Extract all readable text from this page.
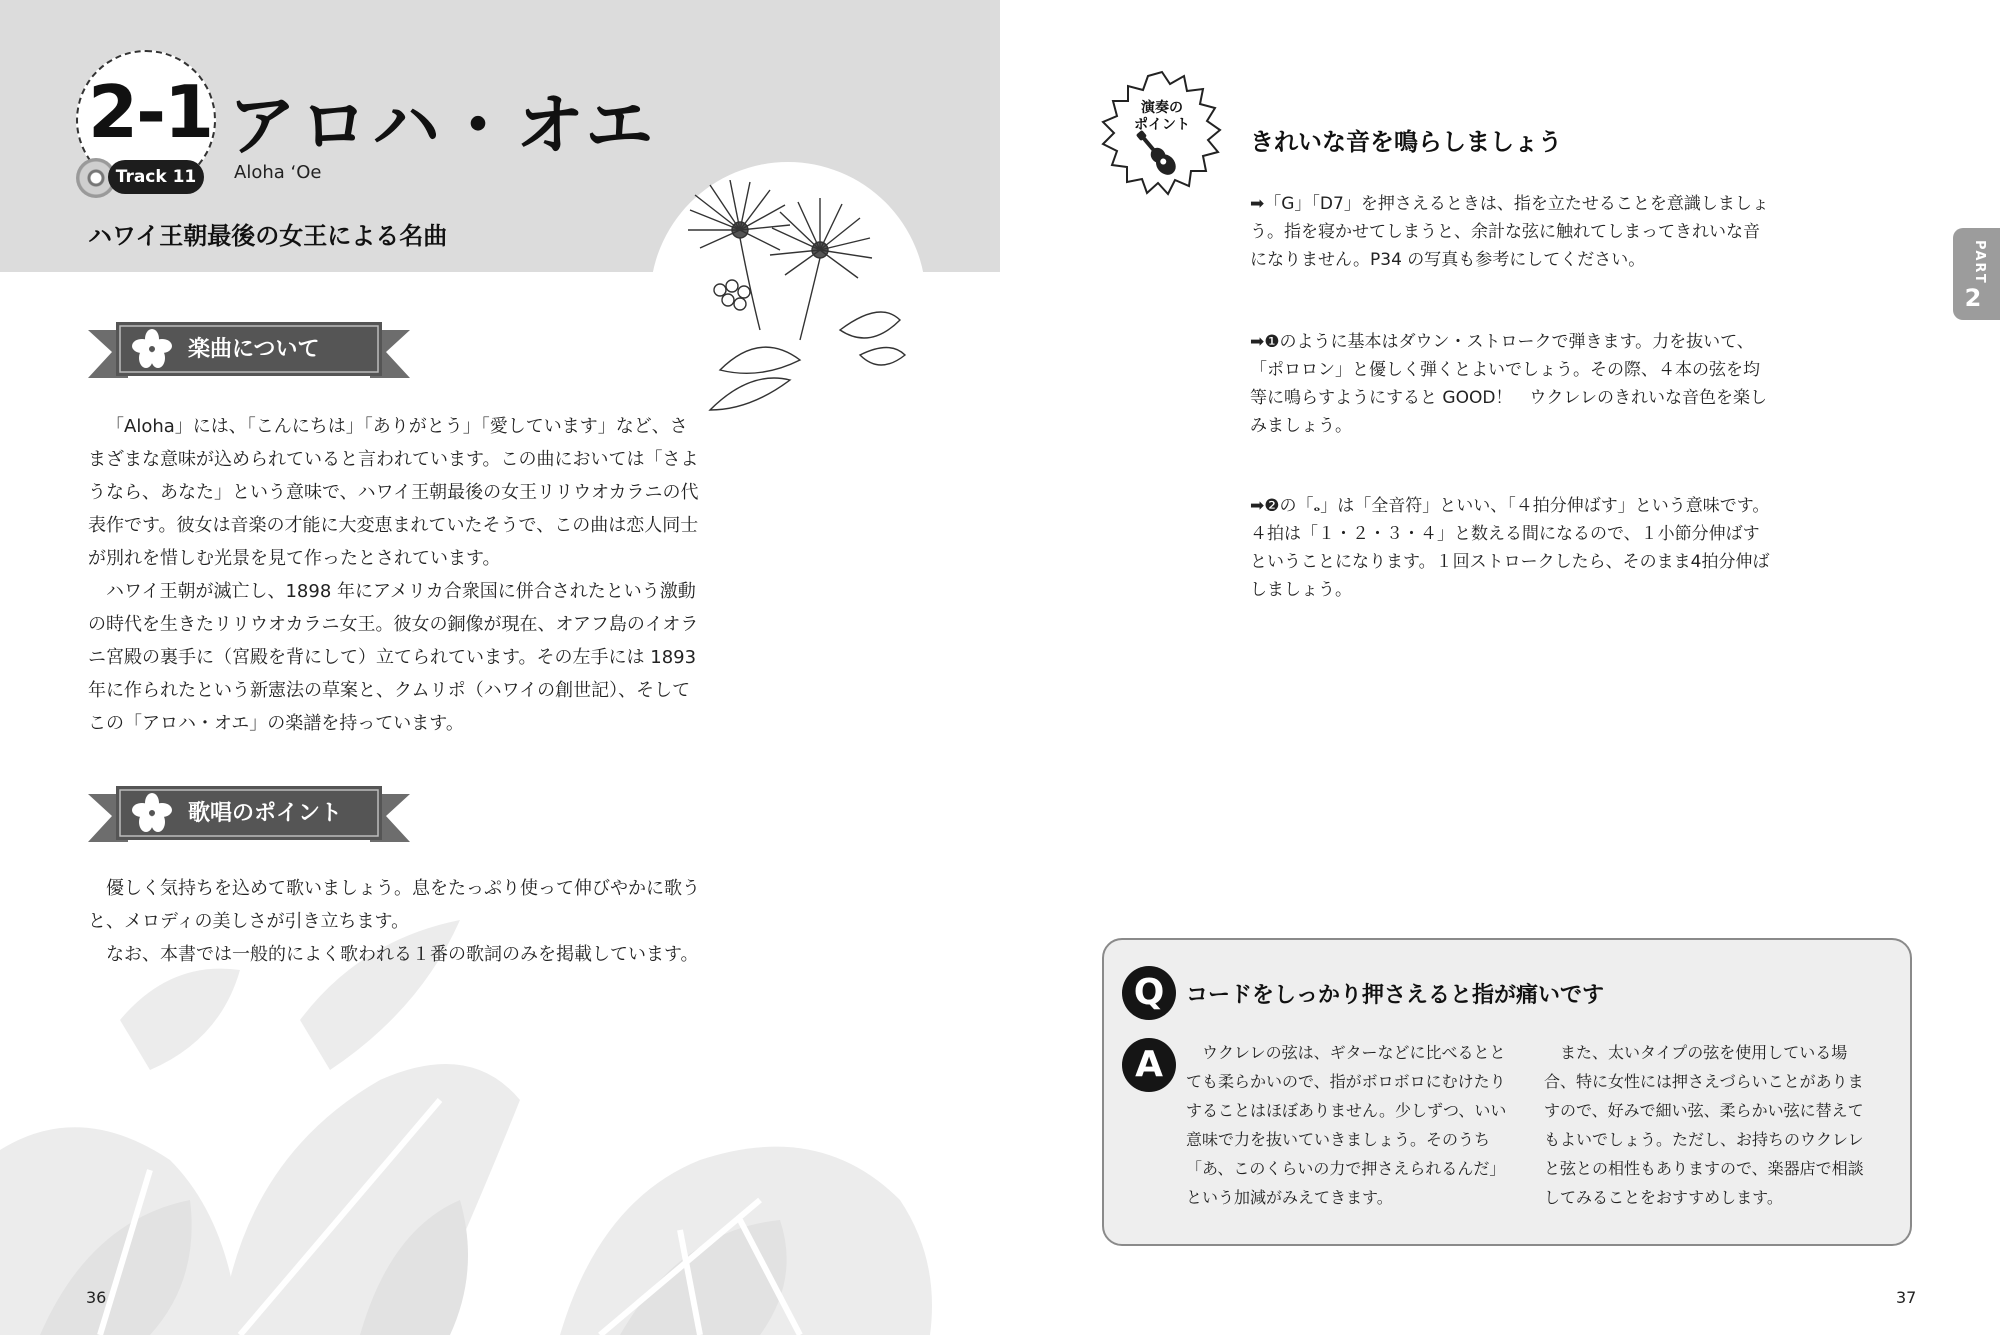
2-1 アロハ・オエ
Track 11	Aloha ʻOe
ハワイ王朝最後の女王による名曲
楽曲について

「Aloha」には、「こんにちは」「ありがとう」「愛しています」など、さまざまな意味が込められていると言われています。この曲においては「さようなら、あなた」という意味で、ハワイ王朝最後の女王リリウオカラニの代表作です。彼女は音楽の才能に大変恵まれていたそうで、この曲は恋人同士が別れを惜しむ光景を見て作ったとされています。

ハワイ王朝が滅亡し、1898 年にアメリカ合衆国に併合されたという激動の時代を生きたリリウオカラニ女王。彼女の銅像が現在、オアフ島のイオラニ宮殿の裏手に（宮殿を背にして）立てられています。その左手には 1893 年に作られたという新憲法の草案と、クムリポ（ハワイの創世記）、そしてこの「アロハ・オエ」の楽譜を持っています。

歌唱のポイント

優しく気持ちを込めて歌いましょう。息をたっぷり使って伸びやかに歌うと、メロディの美しさが引き立ちます。

なお、本書では一般的によく歌われる１番の歌詞のみを掲載しています。

36
演奏の
ポイント
きれいな音を鳴らしましょう
➡「G」「D7」を押さえるときは、指を立たせることを意識しましょう。指を寝かせてしまうと、余計な弦に触れてしまってきれいな音になりません。P34 の写真も参考にしてください。
➡❶のように基本はダウン・ストロークで弾きます。力を抜いて、「ポロロン」と優しく弾くとよいでしょう。その際、４本の弦を均等に鳴らすようにすると GOOD！　ウクレレのきれいな音色を楽しみましょう。
➡❷の「𝅝」は「全音符」といい、「４拍分伸ばす」という意味です。４拍は「１・２・３・４」と数える間になるので、１小節分伸ばすということになります。１回ストロークしたら、そのまま4拍分伸ばしましょう。
PART
2
Q コードをしっかり押さえると指が痛いです
A	ウクレレの弦は、ギターなどに比べるととても柔らかいので、指がボロボロにむけたりすることはほぼありません。少しずつ、いい意味で力を抜いていきましょう。そのうち「あ、このくらいの力で押さえられるんだ」という加減がみえてきます。
また、太いタイプの弦を使用している場合、特に女性には押さえづらいことがありますので、好みで細い弦、柔らかい弦に替えてもよいでしょう。ただし、お持ちのウクレレと弦との相性もありますので、楽器店で相談してみることをおすすめします。
37
